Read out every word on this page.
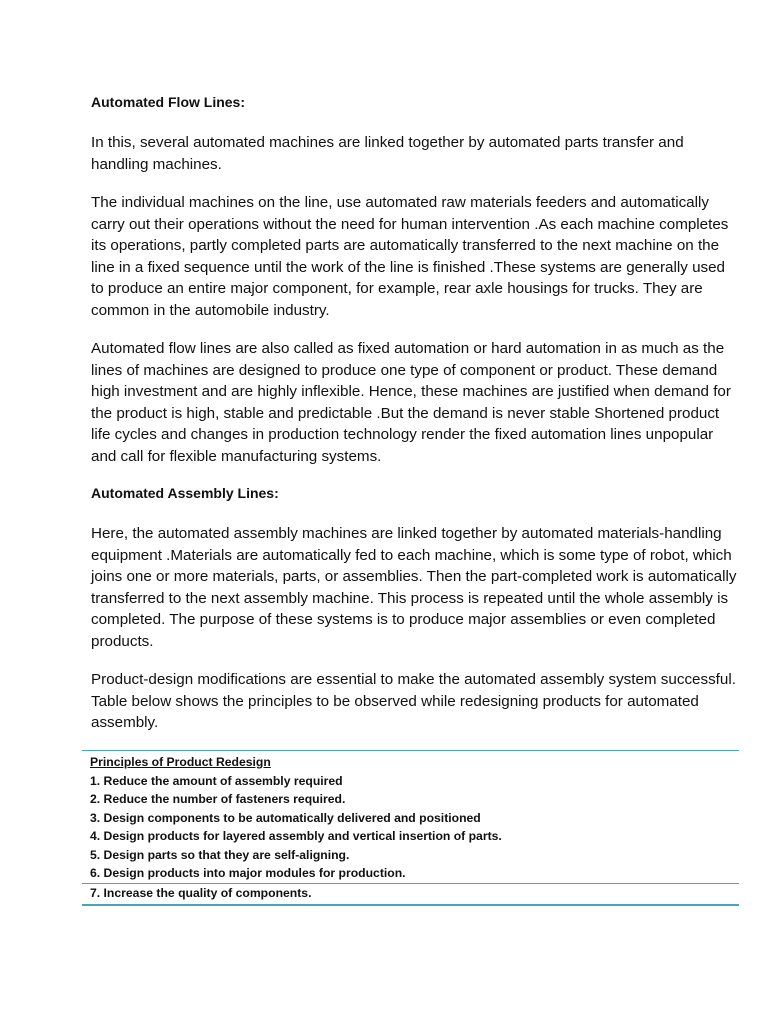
Automated Flow Lines:

In this, several automated machines are linked together by automated parts transfer and handling machines.

The individual machines on the line, use automated raw materials feeders and automatically carry out their operations without the need for human intervention .As each machine completes its operations, partly completed parts are automatically transferred to the next machine on the line in a fixed sequence until the work of the line is finished .These systems are generally used to produce an entire major component, for example, rear axle housings for trucks. They are common in the automobile industry.

Automated flow lines are also called as fixed automation or hard automation in as much as the lines of machines are designed to produce one type of component or product. These demand high investment and are highly inflexible. Hence, these machines are justified when demand for the product is high, stable and predictable .But the demand is never stable Shortened product life cycles and changes in production technology render the fixed automation lines unpopular and call for flexible manufacturing systems.

Automated Assembly Lines:

Here, the automated assembly machines are linked together by automated materials-handling equipment .Materials are automatically fed to each machine, which is some type of robot, which joins one or more materials, parts, or assemblies. Then the part-completed work is automatically transferred to the next assembly machine. This process is repeated until the whole assembly is completed. The purpose of these systems is to produce major assemblies or even completed products.

Product-design modifications are essential to make the automated assembly system successful. Table below shows the principles to be observed while redesigning products for automated assembly.

Principles of Product Redesign
1. Reduce the amount of assembly required
2. Reduce the number of fasteners required.
3. Design components to be automatically delivered and positioned
4. Design products for layered assembly and vertical insertion of parts.
5. Design parts so that they are self-aligning.
6. Design products into major modules for production.
7. Increase the quality of components.
